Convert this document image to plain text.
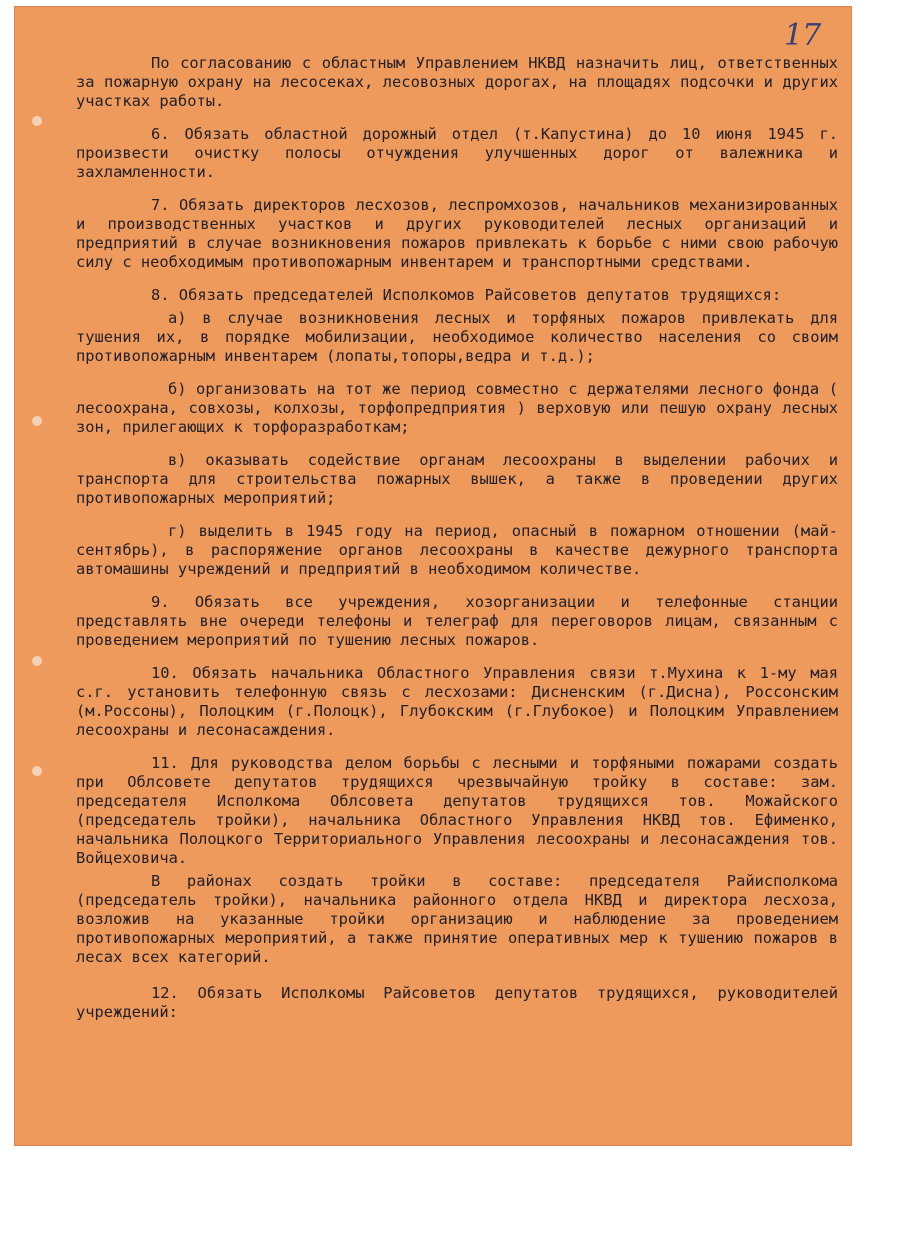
17

По согласованию с областным Управлением НКВД назначить лиц, ответственных за пожарную охрану на лесосеках, лесовозных дорогах, на площадях подсочки и других участках работы.

6. Обязать областной дорожный отдел (т.Капустина) до 10 июня 1945 г. произвести очистку полосы отчуждения улучшенных дорог от валежника и захламленности.

7. Обязать директоров лесхозов, леспромхозов, начальников механизированных и производственных участков и других руководителей лесных организаций и предприятий в случае возникновения пожаров привлекать к борьбе с ними свою рабочую силу с необходимым противопожарным инвентарем и транспортными средствами.

8. Обязать председателей Исполкомов Райсоветов депутатов трудящихся:

а) в случае возникновения лесных и торфяных пожаров привлекать для тушения их, в порядке мобилизации, необходимое количество населения со своим противопожарным инвентарем (лопаты,топоры,ведра и т.д.);

б) организовать на тот же период совместно с держателями лесного фонда ( лесоохрана, совхозы, колхозы, торфопредприятия ) верховую или пешую охрану лесных зон, прилегающих к торфоразработкам;

в) оказывать содействие органам лесоохраны в выделении рабочих и транспорта для строительства пожарных вышек, а также в проведении других противопожарных мероприятий;

г) выделить в 1945 году на период, опасный в пожарном отношении (май-сентябрь), в распоряжение органов лесоохраны в качестве дежурного транспорта автомашины учреждений и предприятий в необходимом количестве.

9. Обязать все учреждения, хозорганизации и телефонные станции представлять вне очереди телефоны и телеграф для переговоров лицам, связанным с проведением мероприятий по тушению лесных пожаров.

10. Обязать начальника Областного Управления связи т.Мухина к 1-му мая с.г. установить телефонную связь с лесхозами: Дисненским (г.Дисна), Россонским (м.Россоны), Полоцким (г.Полоцк), Глубокским (г.Глубокое) и Полоцким Управлением лесоохраны и лесонасаждения.

11. Для руководства делом борьбы с лесными и торфяными пожарами создать при Облсовете депутатов трудящихся чрезвычайную тройку в составе: зам. председателя Исполкома Облсовета депутатов трудящихся тов. Можайского (председатель тройки), начальника Областного Управления НКВД тов. Ефименко, начальника Полоцкого Территориального Управления лесоохраны и лесонасаждения тов. Войцеховича.

В районах создать тройки в составе: председателя Райисполкома (председатель тройки), начальника районного отдела НКВД и директора лесхоза, возложив на указанные тройки организацию и наблюдение за проведением противопожарных мероприятий, а также принятие оперативных мер к тушению пожаров в лесах всех категорий.

12. Обязать Исполкомы Райсоветов депутатов трудящихся, руководителей учреждений:
